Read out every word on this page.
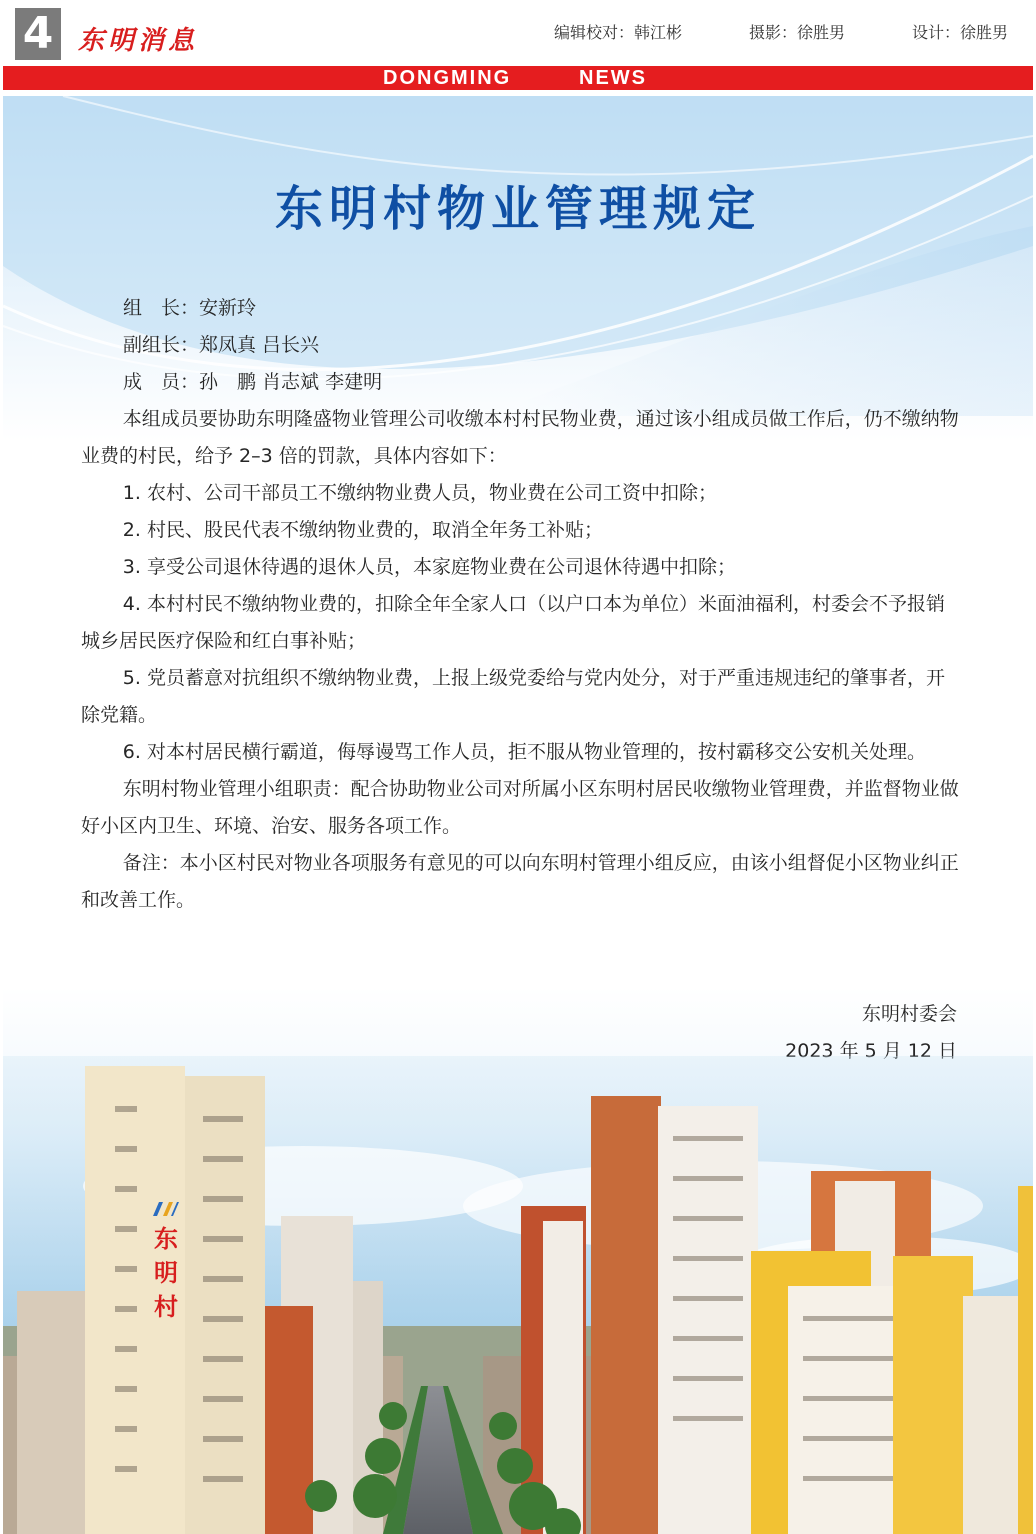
4 东明消息	编辑校对：韩江彬	摄影：徐胜男	设计：徐胜男
DONGMING	NEWS
东明村物业管理规定

组　长：安新玲

副组长：郑凤真 吕长兴

成　员：孙　鹏 肖志斌 李建明

本组成员要协助东明隆盛物业管理公司收缴本村村民物业费，通过该小组成员做工作后，仍不缴纳物业费的村民，给予 2–3 倍的罚款，具体内容如下：

1. 农村、公司干部员工不缴纳物业费人员，物业费在公司工资中扣除；

2. 村民、股民代表不缴纳物业费的，取消全年务工补贴；

3. 享受公司退休待遇的退休人员，本家庭物业费在公司退休待遇中扣除；

4. 本村村民不缴纳物业费的，扣除全年全家人口（以户口本为单位）米面油福利，村委会不予报销城乡居民医疗保险和红白事补贴；

5. 党员蓄意对抗组织不缴纳物业费，上报上级党委给与党内处分，对于严重违规违纪的肇事者，开除党籍。

6. 对本村居民横行霸道，侮辱谩骂工作人员，拒不服从物业管理的，按村霸移交公安机关处理。

东明村物业管理小组职责：配合协助物业公司对所属小区东明村居民收缴物业管理费，并监督物业做好小区内卫生、环境、治安、服务各项工作。

备注：本小区村民对物业各项服务有意见的可以向东明村管理小组反应，由该小组督促小区物业纠正和改善工作。

东明村委会
2023 年 5 月 12 日
东明村
